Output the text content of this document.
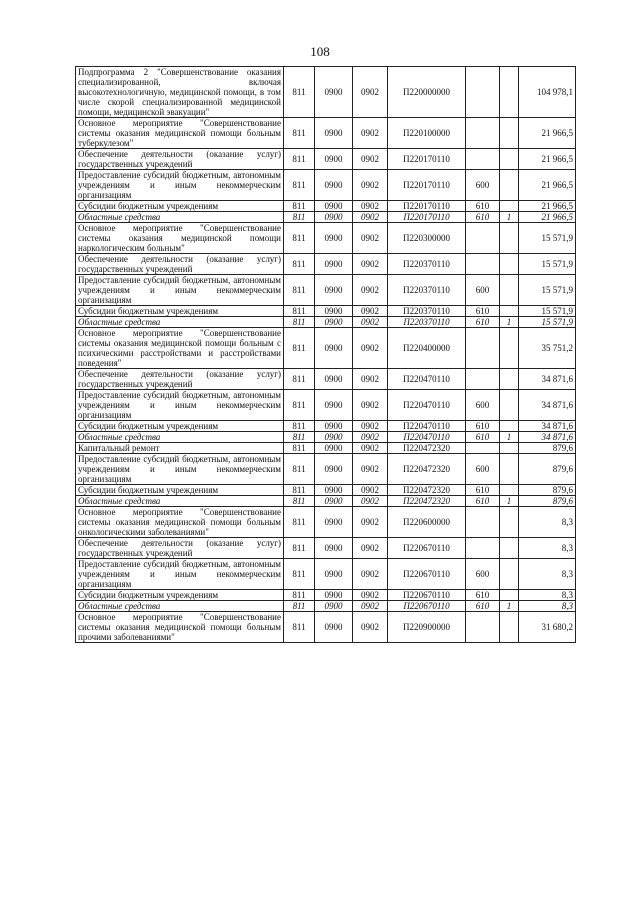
108
Подпрограмма 2 "Совершенствование оказания специализированной, включая высокотехнологичную, медицинской помощи, в том числе скорой специализированной медицинской помощи, медицинской эвакуации"	811	0900	0902	П220000000			104 978,1
Основное мероприятие "Совершенствование системы оказания медицинской помощи больным туберкулезом"	811	0900	0902	П220100000			21 966,5
Обеспечение деятельности (оказание услуг) государственных учреждений	811	0900	0902	П220170110			21 966,5
Предоставление субсидий бюджетным, автономным учреждениям и иным некоммерческим организациям	811	0900	0902	П220170110	600		21 966,5
Субсидии бюджетным учреждениям	811	0900	0902	П220170110	610		21 966,5
Областные средства	811	0900	0902	П220170110	610	1	21 966,5
Основное мероприятие "Совершенствование системы оказания медицинской помощи наркологическим больным"	811	0900	0902	П220300000			15 571,9
Обеспечение деятельности (оказание услуг) государственных учреждений	811	0900	0902	П220370110			15 571,9
Предоставление субсидий бюджетным, автономным учреждениям и иным некоммерческим организациям	811	0900	0902	П220370110	600		15 571,9
Субсидии бюджетным учреждениям	811	0900	0902	П220370110	610		15 571,9
Областные средства	811	0900	0902	П220370110	610	1	15 571,9
Основное мероприятие "Совершенствование системы оказания медицинской помощи больным с психическими расстройствами и расстройствами поведения"	811	0900	0902	П220400000			35 751,2
Обеспечение деятельности (оказание услуг) государственных учреждений	811	0900	0902	П220470110			34 871,6
Предоставление субсидий бюджетным, автономным учреждениям и иным некоммерческим организациям	811	0900	0902	П220470110	600		34 871,6
Субсидии бюджетным учреждениям	811	0900	0902	П220470110	610		34 871,6
Областные средства	811	0900	0902	П220470110	610	1	34 871,6
Капитальный ремонт	811	0900	0902	П220472320			879,6
Предоставление субсидий бюджетным, автономным учреждениям и иным некоммерческим организациям	811	0900	0902	П220472320	600		879,6
Субсидии бюджетным учреждениям	811	0900	0902	П220472320	610		879,6
Областные средства	811	0900	0902	П220472320	610	1	879,6
Основное мероприятие "Совершенствование системы оказания медицинской помощи больным онкологическими заболеваниями"	811	0900	0902	П220600000			8,3
Обеспечение деятельности (оказание услуг) государственных учреждений	811	0900	0902	П220670110			8,3
Предоставление субсидий бюджетным, автономным учреждениям и иным некоммерческим организациям	811	0900	0902	П220670110	600		8,3
Субсидии бюджетным учреждениям	811	0900	0902	П220670110	610		8,3
Областные средства	811	0900	0902	П220670110	610	1	8,3
Основное мероприятие "Совершенствование системы оказания медицинской помощи больным прочими заболеваниями"	811	0900	0902	П220900000			31 680,2
